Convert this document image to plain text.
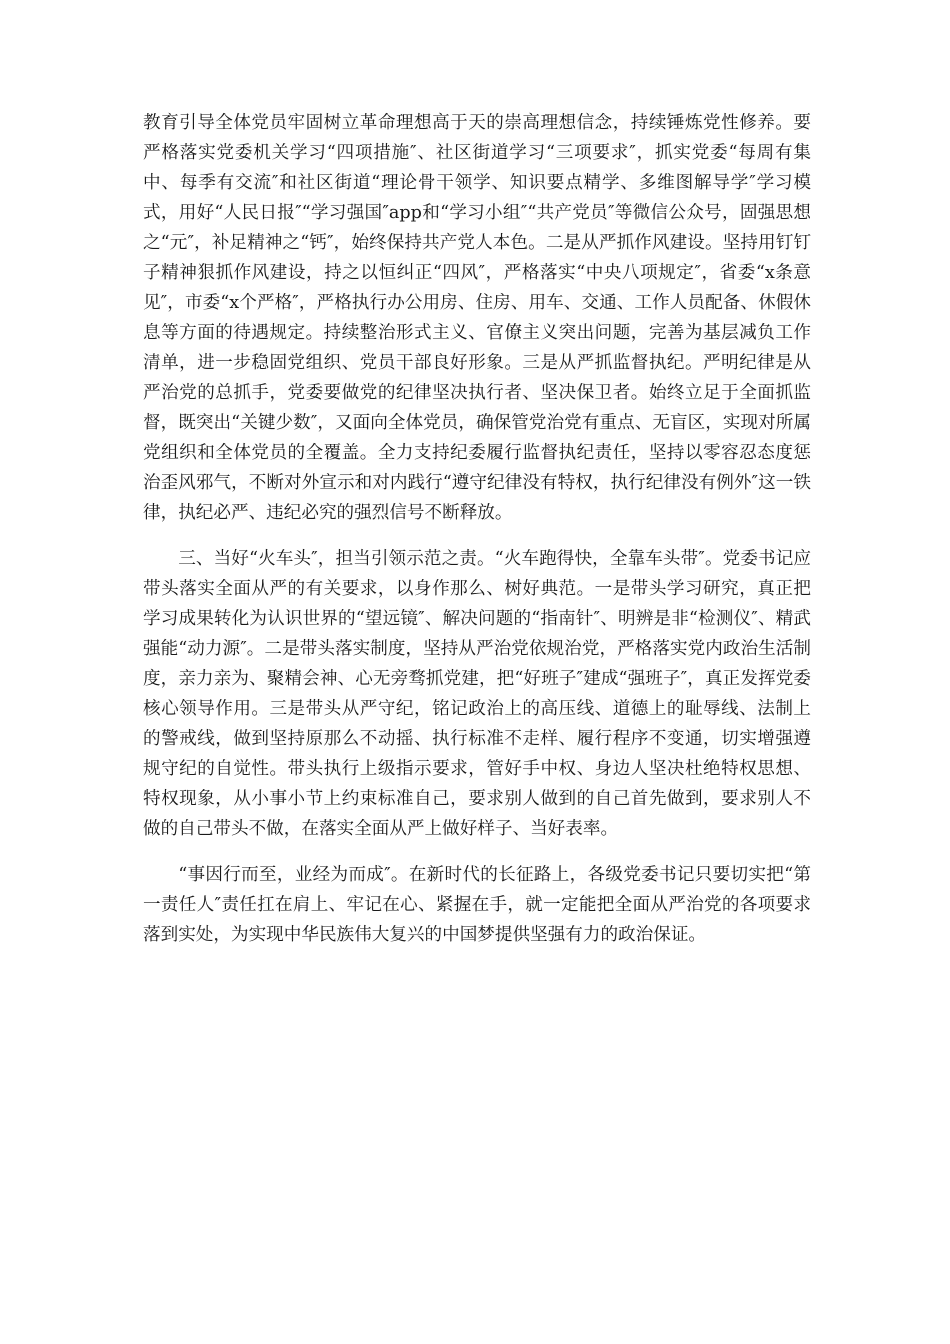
教育引导全体党员牢固树立革命理想高于天的崇高理想信念，持续锤炼党性修养。要严格落实党委机关学习“四项措施″、社区街道学习“三项要求″，抓实党委“每周有集中、每季有交流″和社区街道“理论骨干领学、知识要点精学、多维图解导学″学习模式，用好“人民日报″“学习强国″app和“学习小组″“共产党员″等微信公众号，固强思想之“元″，补足精神之“钙″，始终保持共产党人本色。二是从严抓作风建设。坚持用钉钉子精神狠抓作风建设，持之以恒纠正“四风″，严格落实“中央八项规定″，省委“x条意见″，市委“x个严格″，严格执行办公用房、住房、用车、交通、工作人员配备、休假休息等方面的待遇规定。持续整治形式主义、官僚主义突出问题，完善为基层减负工作清单，进一步稳固党组织、党员干部良好形象。三是从严抓监督执纪。严明纪律是从严治党的总抓手，党委要做党的纪律坚决执行者、坚决保卫者。始终立足于全面抓监督，既突出“关键少数″，又面向全体党员，确保管党治党有重点、无盲区，实现对所属党组织和全体党员的全覆盖。全力支持纪委履行监督执纪责任，坚持以零容忍态度惩治歪风邪气，不断对外宣示和对内践行“遵守纪律没有特权，执行纪律没有例外″这一铁律，执纪必严、违纪必究的强烈信号不断释放。

三、当好“火车头″，担当引领示范之责。“火车跑得快，全靠车头带″。党委书记应带头落实全面从严的有关要求，以身作那么、树好典范。一是带头学习研究，真正把学习成果转化为认识世界的“望远镜″、解决问题的“指南针″、明辨是非“检测仪″、精武强能“动力源″。二是带头落实制度，坚持从严治党依规治党，严格落实党内政治生活制度，亲力亲为、聚精会神、心无旁骛抓党建，把“好班子″建成“强班子″，真正发挥党委核心领导作用。三是带头从严守纪，铭记政治上的高压线、道德上的耻辱线、法制上的警戒线，做到坚持原那么不动摇、执行标准不走样、履行程序不变通，切实增强遵规守纪的自觉性。带头执行上级指示要求，管好手中权、身边人坚决杜绝特权思想、特权现象，从小事小节上约束标准自己，要求别人做到的自己首先做到，要求别人不做的自己带头不做，在落实全面从严上做好样子、当好表率。

“事因行而至，业经为而成″。在新时代的长征路上，各级党委书记只要切实把“第一责任人″责任扛在肩上、牢记在心、紧握在手，就一定能把全面从严治党的各项要求落到实处，为实现中华民族伟大复兴的中国梦提供坚强有力的政治保证。
